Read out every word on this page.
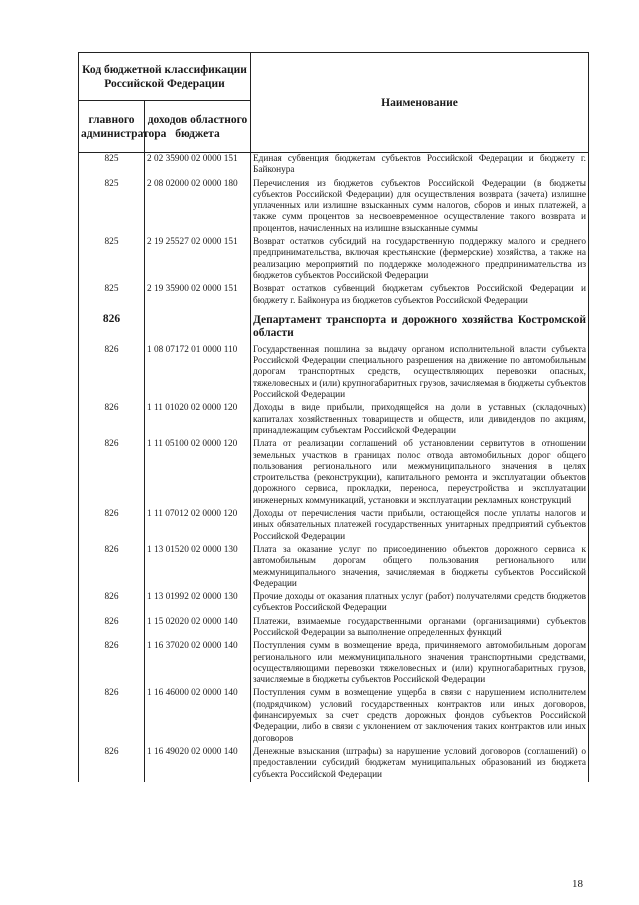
Код бюджетной классификации Российской Федерации		Наименование
главного администратора	доходов областного бюджета	
825	2 02 35900 02 0000 151	Единая субвенция бюджетам субъектов Российской Федерации и бюджету г. Байконура
825	2 08 02000 02 0000 180	Перечисления из бюджетов субъектов Российской Федерации (в бюджеты субъектов Российской Федерации) для осуществления возврата (зачета) излишне уплаченных или излишне взысканных сумм налогов, сборов и иных платежей, а также сумм процентов за несвоевременное осуществление такого возврата и процентов, начисленных на излишне взысканные суммы
825	2 19 25527 02 0000 151	Возврат остатков субсидий на государственную поддержку малого и среднего предпринимательства, включая крестьянские (фермерские) хозяйства, а также на реализацию мероприятий по поддержке молодежного предпринимательства из бюджетов субъектов Российской Федерации
825	2 19 35900 02 0000 151	Возврат остатков субвенций бюджетам субъектов Российской Федерации и бюджету г. Байконура из бюджетов субъектов Российской Федерации
826		Департамент транспорта и дорожного хозяйства Костромской области
826	1 08 07172 01 0000 110	Государственная пошлина за выдачу органом исполнительной власти субъекта Российской Федерации специального разрешения на движение по автомобильным дорогам транспортных средств, осуществляющих перевозки опасных, тяжеловесных и (или) крупногабаритных грузов, зачисляемая в бюджеты субъектов Российской Федерации
826	1 11 01020 02 0000 120	Доходы в виде прибыли, приходящейся на доли в уставных (складочных) капиталах хозяйственных товариществ и обществ, или дивидендов по акциям, принадлежащим субъектам Российской Федерации
826	1 11 05100 02 0000 120	Плата от реализации соглашений об установлении сервитутов в отношении земельных участков в границах полос отвода автомобильных дорог общего пользования регионального или межмуниципального значения в целях строительства (реконструкции), капитального ремонта и эксплуатации объектов дорожного сервиса, прокладки, переноса, переустройства и эксплуатации инженерных коммуникаций, установки и эксплуатации рекламных конструкций
826	1 11 07012 02 0000 120	Доходы от перечисления части прибыли, остающейся после уплаты налогов и иных обязательных платежей государственных унитарных предприятий субъектов Российской Федерации
826	1 13 01520 02 0000 130	Плата за оказание услуг по присоединению объектов дорожного сервиса к автомобильным дорогам общего пользования регионального или межмуниципального значения, зачисляемая в бюджеты субъектов Российской Федерации
826	1 13 01992 02 0000 130	Прочие доходы от оказания платных услуг (работ) получателями средств бюджетов субъектов Российской Федерации
826	1 15 02020 02 0000 140	Платежи, взимаемые государственными органами (организациями) субъектов Российской Федерации за выполнение определенных функций
826	1 16 37020 02 0000 140	Поступления сумм в возмещение вреда, причиняемого автомобильным дорогам регионального или межмуниципального значения транспортными средствами, осуществляющими перевозки тяжеловесных и (или) крупногабаритных грузов, зачисляемые в бюджеты субъектов Российской Федерации
826	1 16 46000 02 0000 140	Поступления сумм в возмещение ущерба в связи с нарушением исполнителем (подрядчиком) условий государственных контрактов или иных договоров, финансируемых за счет средств дорожных фондов субъектов Российской Федерации, либо в связи с уклонением от заключения таких контрактов или иных договоров
826	1 16 49020 02 0000 140	Денежные взыскания (штрафы) за нарушение условий договоров (соглашений) о предоставлении субсидий бюджетам муниципальных образований из бюджета субъекта Российской Федерации
18
